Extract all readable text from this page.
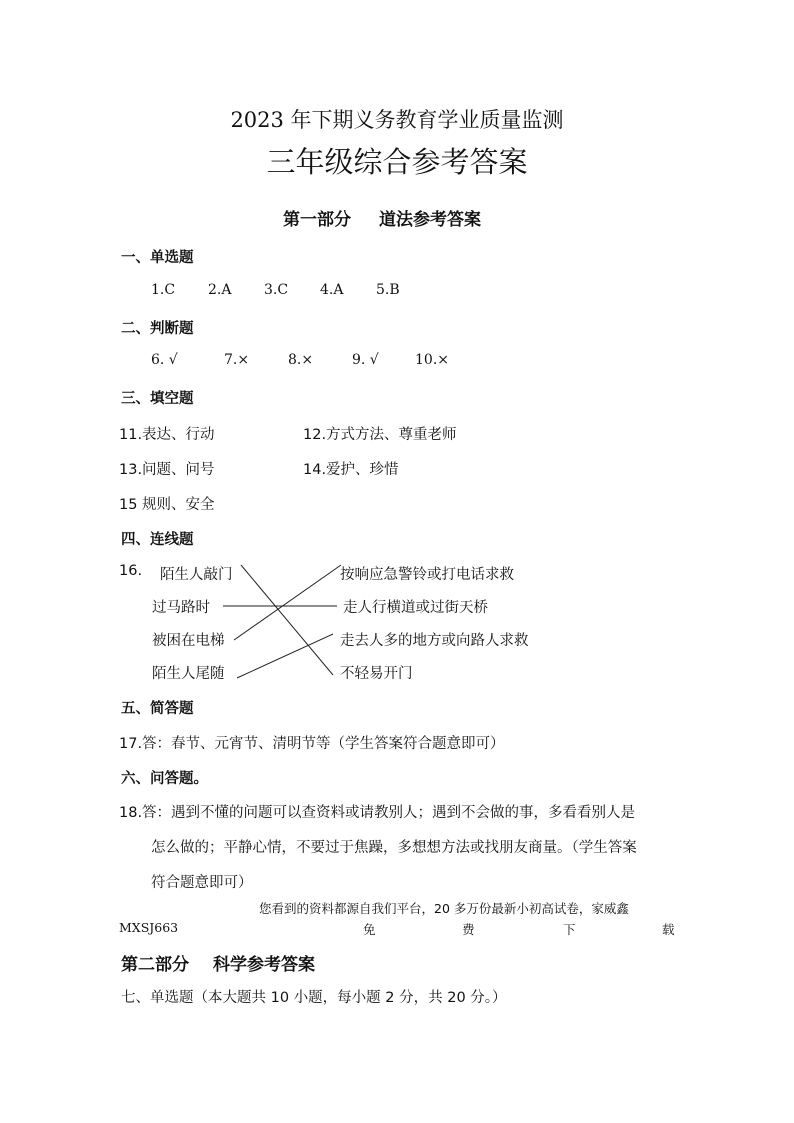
2023 年下期义务教育学业质量监测
三年级综合参考答案
第一部分 道法参考答案
一、单选题
1.C 2.A 3.C 4.A 5.B
二、判断题
6. √	7.×	8.×	9. √	10.×
三、填空题
11.表达、行动	12.方式方法、尊重老师
13.问题、问号	14.爱护、珍惜
15 规则、安全
四、连线题
16. 陌生人敲门
过马路时
被困在电梯
陌生人尾随
按响应急警铃或打电话求救
走人行横道或过街天桥
走去人多的地方或向路人求救
不轻易开门
五、简答题
17.答：春节、元宵节、清明节等（学生答案符合题意即可）
六、问答题。
18.答：遇到不懂的问题可以查资料或请教别人；遇到不会做的事，多看看别人是
怎么做的；平静心情，不要过于焦躁，多想想方法或找朋友商量。（学生答案
符合题意即可）
您看到的资料都源自我们平台，20 多万份最新小初高试卷，家威鑫
MXSJ663	免	费	下	载
第二部分 科学参考答案
七、单选题（本大题共 10 小题，每小题 2 分，共 20 分。）
